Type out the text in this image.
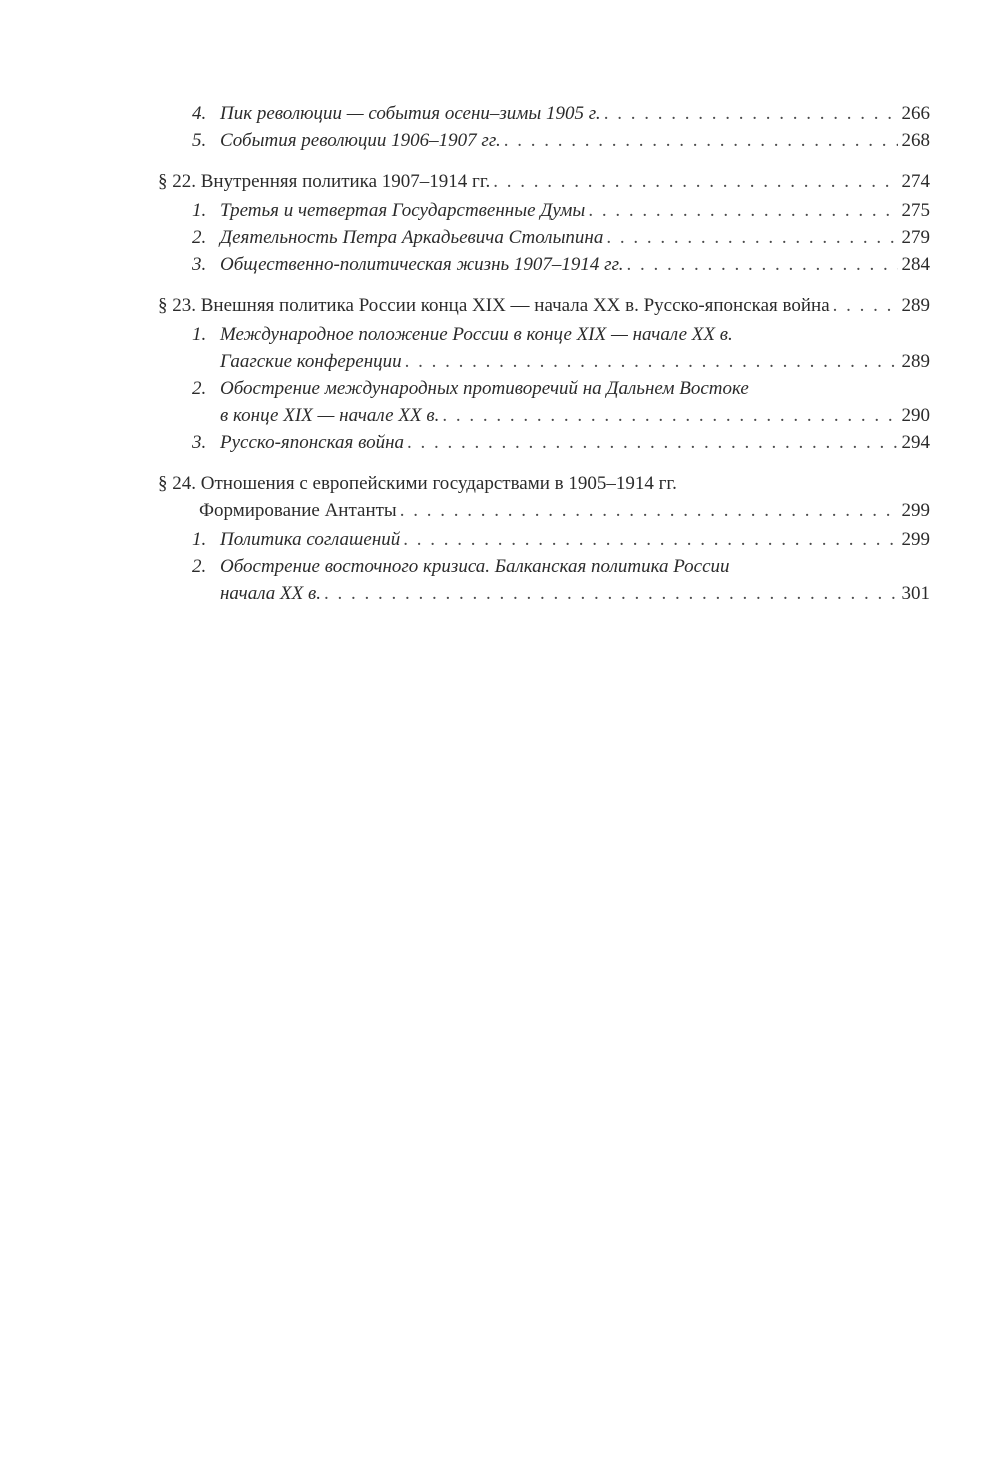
4. Пик революции — события осени–зимы 1905 г. . . .	266
5. События революции 1906–1907 гг. . . .	268
§ 22. Внутренняя политика 1907–1914 гг. . . .	274
1. Третья и четвертая Государственные Думы . . .	275
2. Деятельность Петра Аркадьевича Столыпина . . .	279
3. Общественно-политическая жизнь 1907–1914 гг. . . .	284
§ 23. Внешняя политика России конца XIX — начала XX в. Русско-японская война . . .	289
1. Международное положение России в конце XIX — начале XX в.
Гаагские конференции . . .	289
2. Обострение международных противоречий на Дальнем Востоке
в конце XIX — начале XX в. . . .	290
3. Русско-японская война . . .	294
§ 24. Отношения с европейскими государствами в 1905–1914 гг.
Формирование Антанты . . .	299
1. Политика соглашений . . .	299
2. Обострение восточного кризиса. Балканская политика России
начала XX в. . . .	301
